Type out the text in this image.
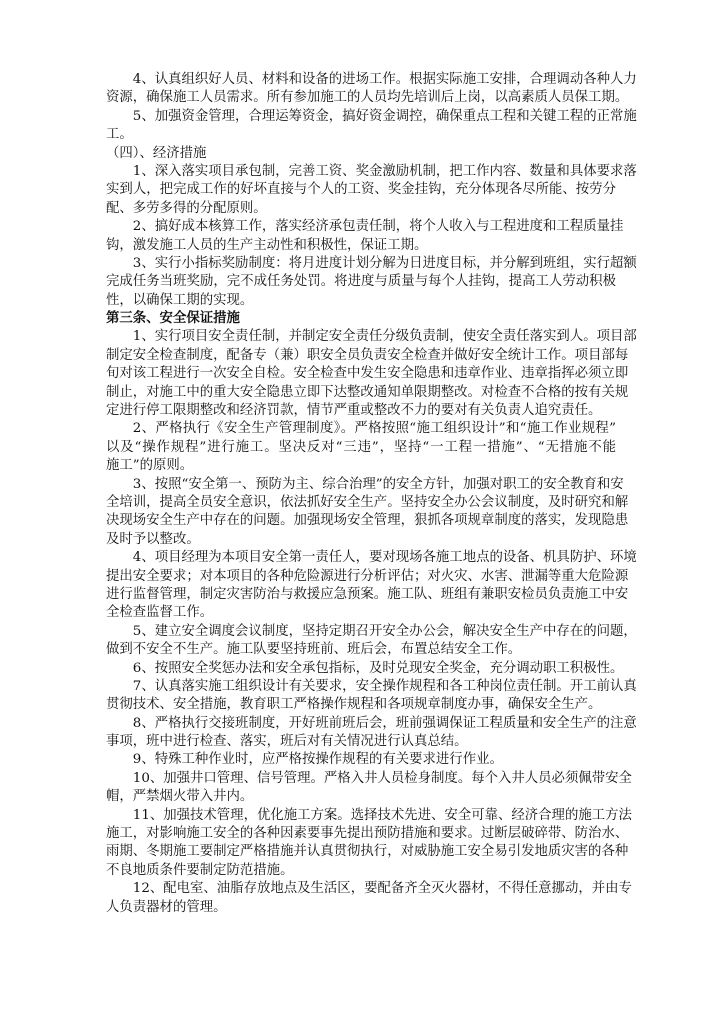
4、认真组织好人员、材料和设备的进场工作。根据实际施工安排，合理调动各种人力
资源，确保施工人员需求。所有参加施工的人员均先培训后上岗，以高素质人员保工期。
5、加强资金管理，合理运筹资金，搞好资金调控，确保重点工程和关键工程的正常施
工。
（四）、经济措施
1、深入落实项目承包制，完善工资、奖金激励机制，把工作内容、数量和具体要求落
实到人，把完成工作的好坏直接与个人的工资、奖金挂钩，充分体现各尽所能、按劳分
配、多劳多得的分配原则。
2、搞好成本核算工作，落实经济承包责任制，将个人收入与工程进度和工程质量挂
钩，激发施工人员的生产主动性和积极性，保证工期。
3、实行小指标奖励制度：将月进度计划分解为日进度目标，并分解到班组，实行超额
完成任务当班奖励，完不成任务处罚。将进度与质量与每个人挂钩，提高工人劳动积极
性，以确保工期的实现。
第三条、安全保证措施
1、实行项目安全责任制，并制定安全责任分级负责制，使安全责任落实到人。项目部
制定安全检查制度，配备专（兼）职安全员负责安全检查并做好安全统计工作。项目部每
旬对该工程进行一次安全自检。安全检查中发生安全隐患和违章作业、违章指挥必须立即
制止，对施工中的重大安全隐患立即下达整改通知单限期整改。对检查不合格的按有关规
定进行停工限期整改和经济罚款，情节严重或整改不力的要对有关负责人追究责任。
2、严格执行《安全生产管理制度》。严格按照“施工组织设计”和“施工作业规程”
以及“操作规程”进行施工。坚决反对“三违”，坚持“一工程一措施”、“无措施不能
施工”的原则。
3、按照“安全第一、预防为主、综合治理”的安全方针，加强对职工的安全教育和安
全培训，提高全员安全意识，依法抓好安全生产。坚持安全办公会议制度，及时研究和解
决现场安全生产中存在的问题。加强现场安全管理，狠抓各项规章制度的落实，发现隐患
及时予以整改。
4、项目经理为本项目安全第一责任人，要对现场各施工地点的设备、机具防护、环境
提出安全要求；对本项目的各种危险源进行分析评估；对火灾、水害、泄漏等重大危险源
进行监督管理，制定灾害防治与救援应急预案。施工队、班组有兼职安检员负责施工中安
全检查监督工作。
5、建立安全调度会议制度，坚持定期召开安全办公会，解决安全生产中存在的问题，
做到不安全不生产。施工队要坚持班前、班后会，布置总结安全工作。
6、按照安全奖惩办法和安全承包指标，及时兑现安全奖金，充分调动职工积极性。
7、认真落实施工组织设计有关要求，安全操作规程和各工种岗位责任制。开工前认真
贯彻技术、安全措施，教育职工严格操作规程和各项规章制度办事，确保安全生产。
8、严格执行交接班制度，开好班前班后会，班前强调保证工程质量和安全生产的注意
事项，班中进行检查、落实，班后对有关情况进行认真总结。
9、特殊工种作业时，应严格按操作规程的有关要求进行作业。
10、加强井口管理、信号管理。严格入井人员检身制度。每个入井人员必须佩带安全
帽，严禁烟火带入井内。
11、加强技术管理，优化施工方案。选择技术先进、安全可靠、经济合理的施工方法
施工，对影响施工安全的各种因素要事先提出预防措施和要求。过断层破碎带、防治水、
雨期、冬期施工要制定严格措施并认真贯彻执行，对威胁施工安全易引发地质灾害的各种
不良地质条件要制定防范措施。
12、配电室、油脂存放地点及生活区，要配备齐全灭火器材，不得任意挪动，并由专
人负责器材的管理。
